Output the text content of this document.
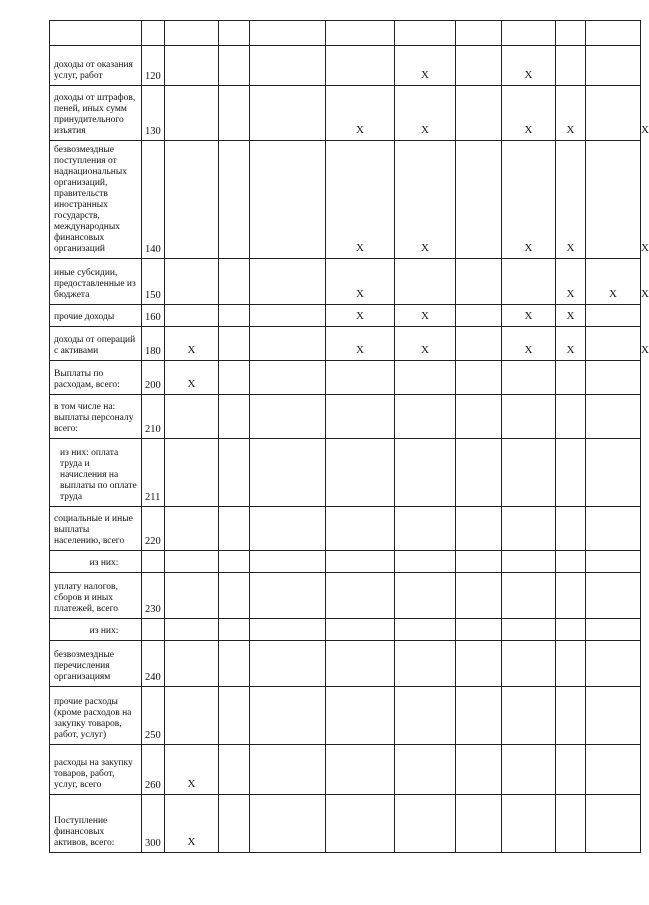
доходы от оказания услуг, работ	120					X		X			
доходы от штрафов, пеней, иных сумм принудительного изъятия	130				X	X		X	X		X
безвозмездные поступления от наднациональных организаций, правительств иностранных государств, международных финансовых организаций	140				X	X		X	X		X
иные субсидии, предоставленные из бюджета	150				X				X	X	X
прочие доходы	160				X	X		X	X		
доходы от операций с активами	180	X			X	X		X	X		X
Выплаты по расходам, всего:	200	X									
в том числе на: выплаты персоналу всего:	210										
из них: оплата труда и начисления на выплаты по оплате труда	211										
социальные и иные выплаты населению, всего	220										
из них:											
уплату налогов, сборов и иных платежей, всего	230										
из них:											
безвозмездные перечисления организациям	240										
прочие расходы (кроме расходов на закупку товаров, работ, услуг)	250										
расходы на закупку товаров, работ, услуг, всего	260	X									
Поступление финансовых активов, всего:	300	X									
